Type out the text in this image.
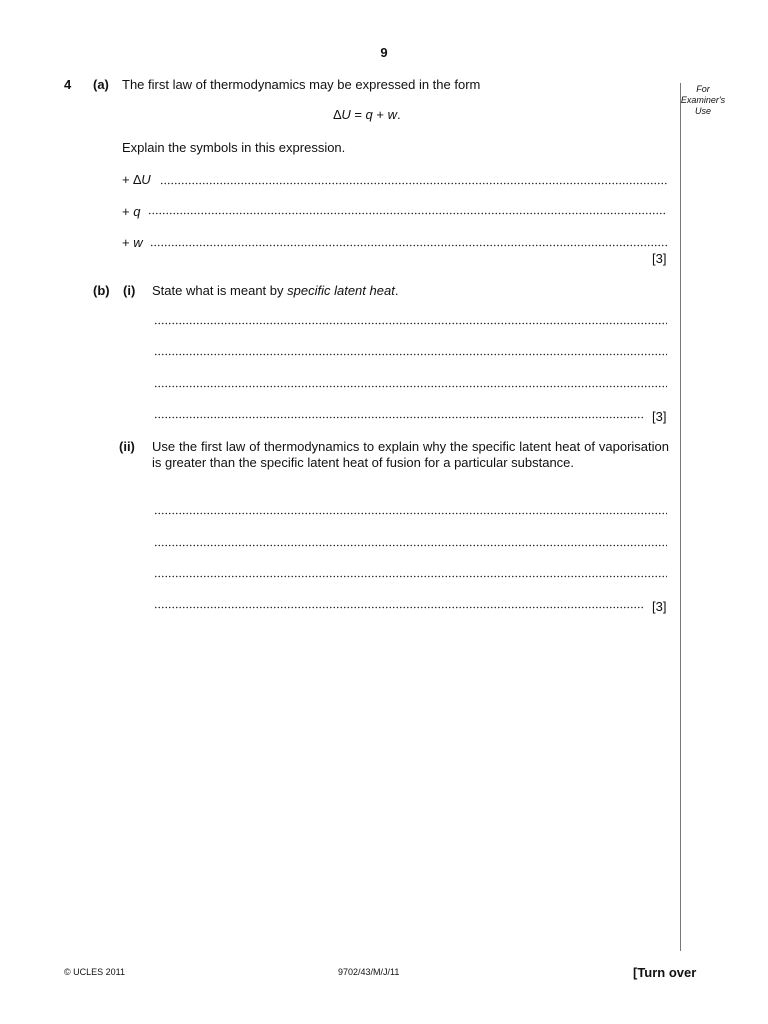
9
For
Examiner's
Use
4 (a) The first law of thermodynamics may be expressed in the form
∆U = q + w.
Explain the symbols in this expression.
+ ∆U
+ q
+ w
[3]
(b) (i) State what is meant by specific latent heat.
[3]
(ii) Use the first law of thermodynamics to explain why the specific latent heat of vaporisation is greater than the specific latent heat of fusion for a particular substance.
[3]
© UCLES 2011	9702/43/M/J/11	[Turn over
